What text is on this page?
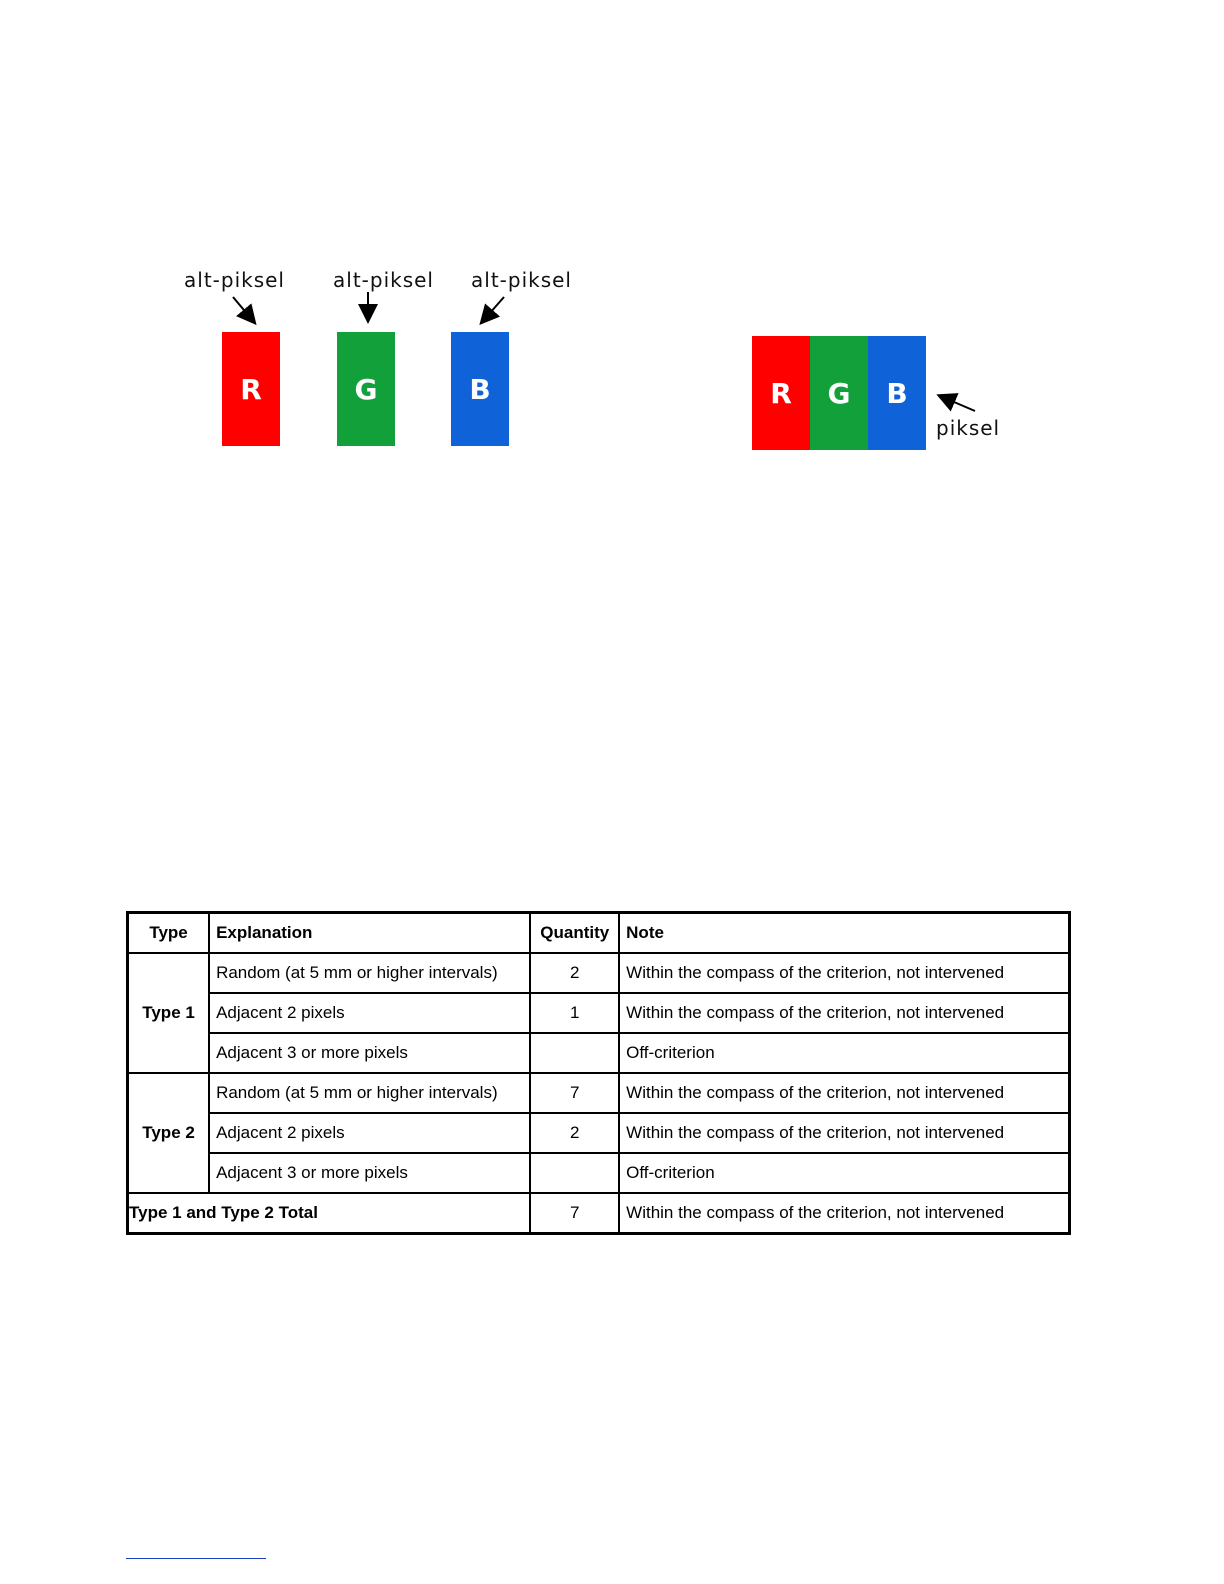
alt-piksel alt-piksel alt-piksel
R	G	B	R	G	B
piksel
Type	Explanation	Quantity	Note
Type 1	Random (at 5 mm or higher intervals)	2	Within the compass of the criterion, not intervened
	Adjacent 2 pixels	1	Within the compass of the criterion, not intervened
	Adjacent 3 or more pixels		Off-criterion
Type 2	Random (at 5 mm or higher intervals)	7	Within the compass of the criterion, not intervened
	Adjacent 2 pixels	2	Within the compass of the criterion, not intervened
	Adjacent 3 or more pixels		Off-criterion
Type 1 and Type 2 Total		7	Within the compass of the criterion, not intervened
